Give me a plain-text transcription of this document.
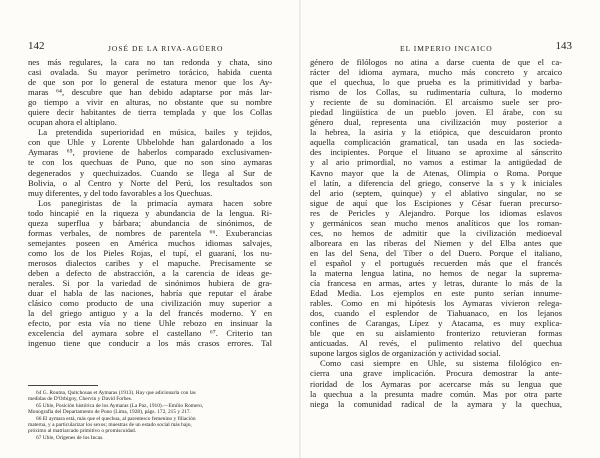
142	JOSÉ DE LA RIVA-AGÜERO
nes más regulares, la cara no tan redonda y chata, sino
casi ovalada. Su mayor perímetro torácico, habida cuenta
de que son por lo general de estatura menor que los Ay-
maras ⁶⁴, descubre que han debido adaptarse por más lar-
go tiempo a vivir en alturas, no obstante que su nombre
quiere decir habitantes de tierra templada y que los Collas
ocupan ahora el altiplano.
La pretendida superioridad en música, bailes y tejidos,
con que Uhle y Lorente Ubbelohde han galardonado a los
Aymaras ⁶⁵, proviene de haberlos comparado exclusivamen-
te con los quechuas de Puno, que no son sino aymaras
degenerados y quechuizados. Cuando se llega al Sur de
Bolivia, o al Centro y Norte del Perú, los resultados son
muy diferentes, y del todo favorables a los Quechuas.
Los panegiristas de la primacía aymara hacen sobre
todo hincapié en la riqueza y abundancia de la lengua. Ri-
queza superflua y bárbara; abundancia de sinónimos, de
formas verbales, de nombres de parentela ⁶⁶. Exuberancias
semejantes poseen en América muchos idiomas salvajes,
como los de los Pieles Rojas, el tupí, el guaraní, los nu-
merosos dialectos caribes y el mapuche. Precisamente se
deben a defecto de abstracción, a la carencia de ideas ge-
nerales. Si por la variedad de sinónimos hubiera de gra-
duar el habla de las naciones, habría que reputar el árabe
clásico como producto de una civilización muy superior a
la del griego antiguo y a la del francés moderno. Y en
efecto, por esta vía no tiene Uhle rebozo en insinuar la
excelencia del aymara sobre el castellano ⁶⁷. Criterio tan
ingenuo tiene que conducir a los más crasos errores. Tal
64 G. Rouma, Quitchouas et Aymaras (1913). Hay que adicionarla con las
medidas de D'Orbigny, Chervin y David Forbes.
65 Uhle, Posición histórica de los Aymaras (La Paz, 1910).—Emilio Romero,
Monografía del Departamento de Puno (Lima, 1928), págs. 172, 215 y 217.
66 El aymara está, más que el quechua, al parentesco femenino y filiación
materna, y a particularizar los sexos; muestras de un estado social más bajo,
próximo al matriarcado primitivo o promiscuidad.
67 Uhle, Orígenes de los Incas.
EL IMPERIO INCAICO	143
género de filólogos no atina a darse cuenta de que el ca-
rácter del idioma aymara, mucho más concreto y arcaico
que el quechua, lo que prueba es la primitividad y barba-
rismo de los Collas, su rudimentaria cultura, lo moderno
y reciente de su dominación. El arcaísmo suele ser pro-
piedad lingüística de un pueblo joven. El árabe, con su
género dual, representa una civilización muy posterior a
la hebrea, la asiria y la etiópica, que descuidaron pronto
aquella complicación gramatical, tan usada en las socieda-
des incipientes. Porque el lituano se aproxime al sánscrito
y al ario primordial, no vamos a estimar la antigüedad de
Kavno mayor que la de Atenas, Olimpia o Roma. Porque
el latín, a diferencia del griego, conserve la s y k iniciales
del ario (septem, quinque) y el ablativo singular, no se
sigue de aquí que los Escipiones y César fueran precurso-
res de Pericles y Alejandro. Porque los idiomas eslavos
y germánicos sean mucho menos analíticos que los roman-
ces, no hemos de admitir que la civilización medioeval
alboreara en las riberas del Niemen y del Elba antes que
en las del Sena, del Tíber o del Duero. Porque el italiano,
el español y el portugués recuerden más que el francés
la materna lengua latina, no hemos de negar la suprema-
cía francesa en armas, artes y letras, durante lo más de la
Edad Media. Los ejemplos en este punto serían innume-
rables. Como en mi hipótesis los Aymaras vivieron relega-
dos, cuando el esplendor de Tiahuanaco, en los lejanos
confines de Carangas, Lípez y Atacama, es muy explica-
ble que en su aislamiento fronterizo retuvieran formas
anticuadas. Al revés, el pulimento relativo del quechua
supone largos siglos de organización y actividad social.
Como casi siempre en Uhle, su sistema filológico en-
cierra una grave implicación. Procura demostrar la ante-
rioridad de los Aymaras por acercarse más su lengua que
la quechua a la presunta madre común. Mas por otra parte
niega la comunidad radical de la aymara y la quechua,
